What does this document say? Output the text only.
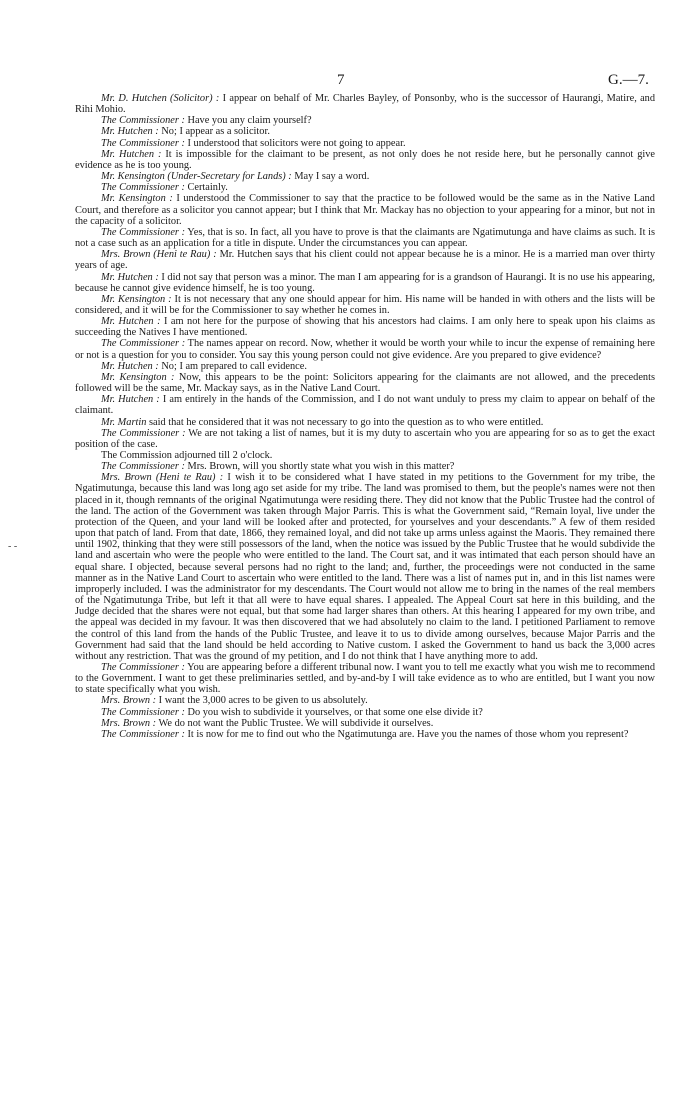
7	G.—7.
- -

Mr. D. Hutchen (Solicitor) : I appear on behalf of Mr. Charles Bayley, of Ponsonby, who is the successor of Haurangi, Matire, and Rihi Mohio.

The Commissioner : Have you any claim yourself?

Mr. Hutchen : No; I appear as a solicitor.

The Commissioner : I understood that solicitors were not going to appear.

Mr. Hutchen : It is impossible for the claimant to be present, as not only does he not reside here, but he personally cannot give evidence as he is too young.

Mr. Kensington (Under-Secretary for Lands) : May I say a word.

The Commissioner : Certainly.

Mr. Kensington : I understood the Commissioner to say that the practice to be followed would be the same as in the Native Land Court, and therefore as a solicitor you cannot appear; but I think that Mr. Mackay has no objection to your appearing for a minor, but not in the capacity of a solicitor.

The Commissioner : Yes, that is so. In fact, all you have to prove is that the claimants are Ngatimutunga and have claims as such. It is not a case such as an application for a title in dispute. Under the circumstances you can appear.

Mrs. Brown (Heni te Rau) : Mr. Hutchen says that his client could not appear because he is a minor. He is a married man over thirty years of age.

Mr. Hutchen : I did not say that person was a minor. The man I am appearing for is a grandson of Haurangi. It is no use his appearing, because he cannot give evidence himself, he is too young.

Mr. Kensington : It is not necessary that any one should appear for him. His name will be handed in with others and the lists will be considered, and it will be for the Commissioner to say whether he comes in.

Mr. Hutchen : I am not here for the purpose of showing that his ancestors had claims. I am only here to speak upon his claims as succeeding the Natives I have mentioned.

The Commissioner : The names appear on record. Now, whether it would be worth your while to incur the expense of remaining here or not is a question for you to consider. You say this young person could not give evidence. Are you prepared to give evidence?

Mr. Hutchen : No; I am prepared to call evidence.

Mr. Kensington : Now, this appears to be the point: Solicitors appearing for the claimants are not allowed, and the precedents followed will be the same, Mr. Mackay says, as in the Native Land Court.

Mr. Hutchen : I am entirely in the hands of the Commission, and I do not want unduly to press my claim to appear on behalf of the claimant.

Mr. Martin said that he considered that it was not necessary to go into the question as to who were entitled.

The Commissioner : We are not taking a list of names, but it is my duty to ascertain who you are appearing for so as to get the exact position of the case.

The Commission adjourned till 2 o'clock.

The Commissioner : Mrs. Brown, will you shortly state what you wish in this matter?

Mrs. Brown (Heni te Rau) : I wish it to be considered what I have stated in my petitions to the Government for my tribe, the Ngatimutunga, because this land was long ago set aside for my tribe. The land was promised to them, but the people's names were not then placed in it, though remnants of the original Ngatimutunga were residing there. They did not know that the Public Trustee had the control of the land. The action of the Government was taken through Major Parris. This is what the Government said, “Remain loyal, live under the protection of the Queen, and your land will be looked after and protected, for yourselves and your descendants.” A few of them resided upon that patch of land. From that date, 1866, they remained loyal, and did not take up arms unless against the Maoris. They remained there until 1902, thinking that they were still possessors of the land, when the notice was issued by the Public Trustee that he would subdivide the land and ascertain who were the people who were entitled to the land. The Court sat, and it was intimated that each person should have an equal share. I objected, because several persons had no right to the land; and, further, the proceedings were not conducted in the same manner as in the Native Land Court to ascertain who were entitled to the land. There was a list of names put in, and in this list names were improperly included. I was the administrator for my descendants. The Court would not allow me to bring in the names of the real members of the Ngatimutunga Tribe, but left it that all were to have equal shares. I appealed. The Appeal Court sat here in this building, and the Judge decided that the shares were not equal, but that some had larger shares than others. At this hearing I appeared for my own tribe, and the appeal was decided in my favour. It was then discovered that we had absolutely no claim to the land. I petitioned Parliament to remove the control of this land from the hands of the Public Trustee, and leave it to us to divide among ourselves, because Major Parris and the Government had said that the land should be held according to Native custom. I asked the Government to hand us back the 3,000 acres without any restriction. That was the ground of my petition, and I do not think that I have anything more to add.

The Commissioner : You are appearing before a different tribunal now. I want you to tell me exactly what you wish me to recommend to the Government. I want to get these preliminaries settled, and by-and-by I will take evidence as to who are entitled, but I want you now to state specifically what you wish.

Mrs. Brown : I want the 3,000 acres to be given to us absolutely.

The Commissioner : Do you wish to subdivide it yourselves, or that some one else divide it?

Mrs. Brown : We do not want the Public Trustee. We will subdivide it ourselves.

The Commissioner : It is now for me to find out who the Ngatimutunga are. Have you the names of those whom you represent?
